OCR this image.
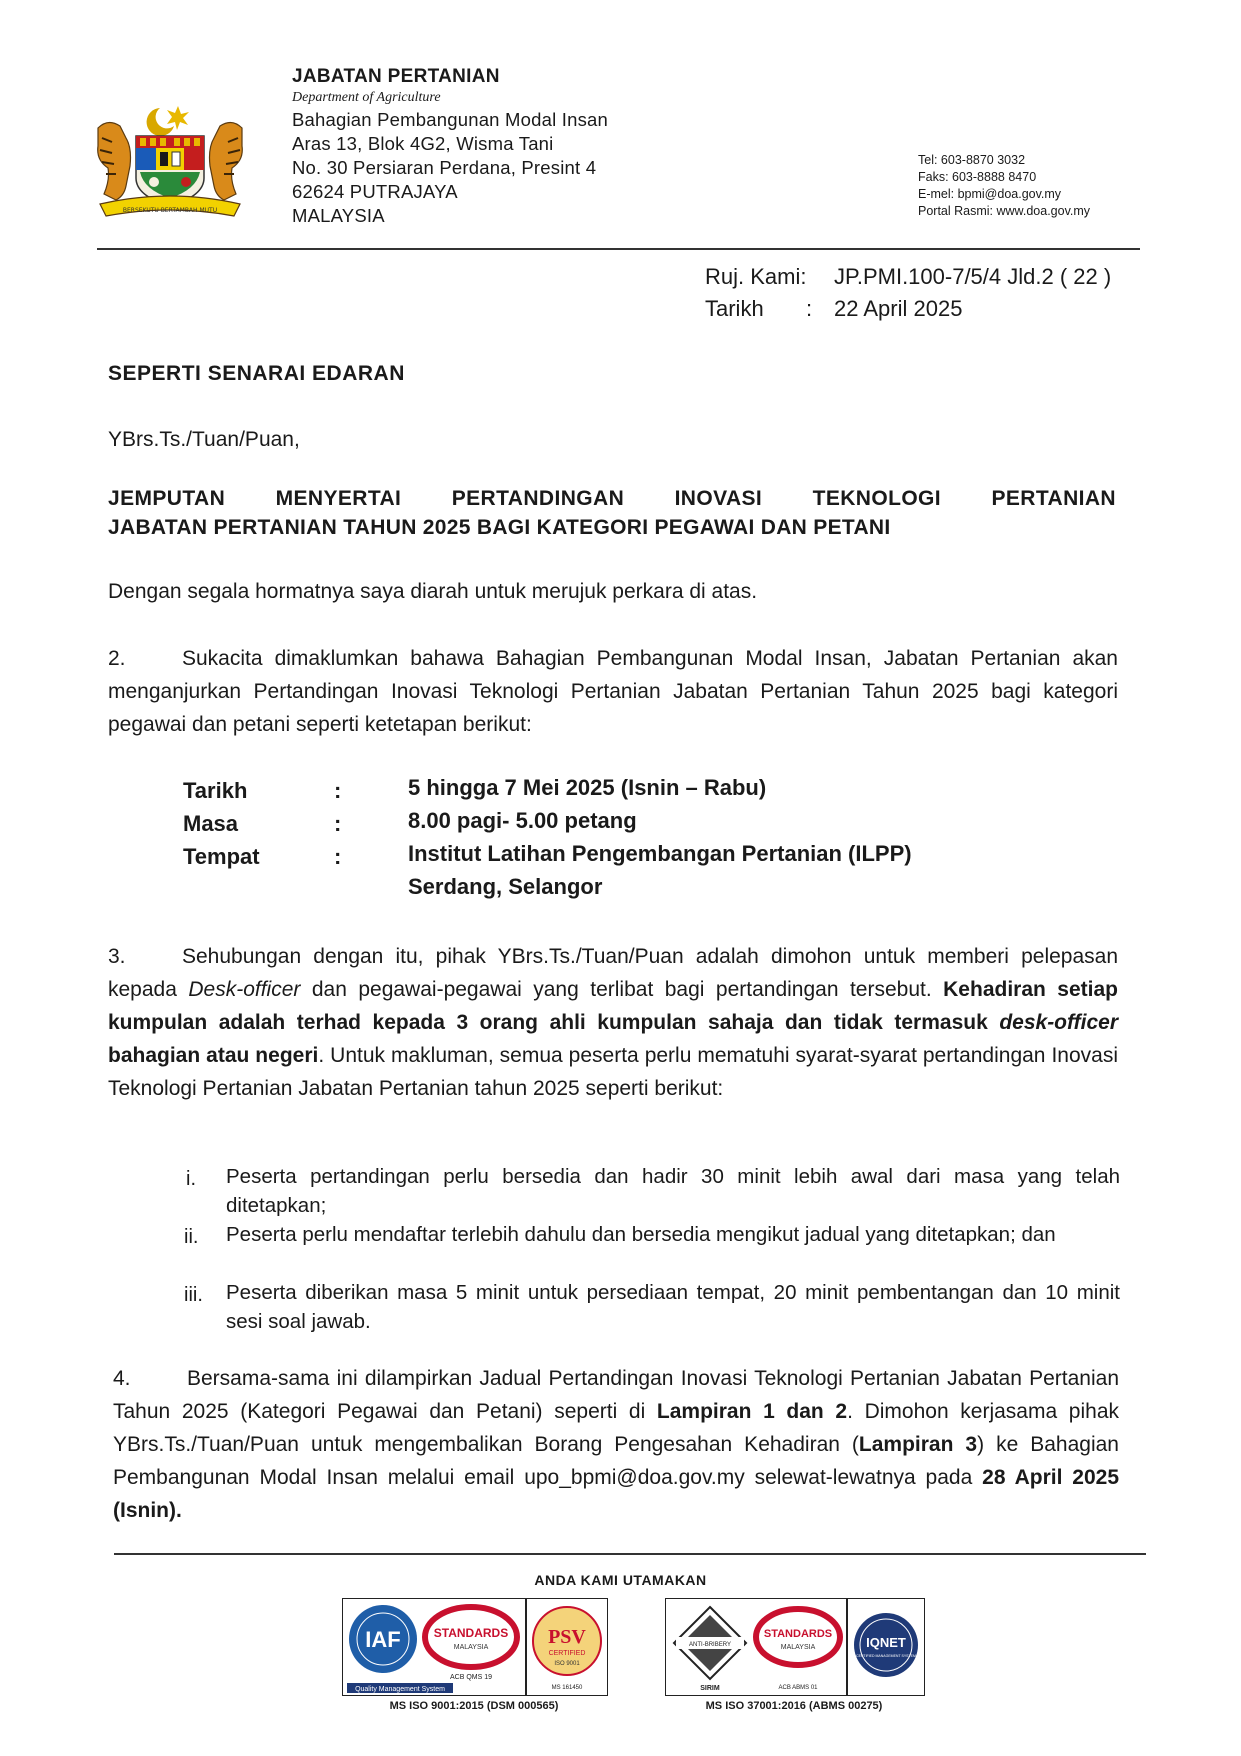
BERSEKUTU BERTAMBAH MUTU
JABATAN PERTANIAN
Department of Agriculture
Bahagian Pembangunan Modal Insan
Aras 13, Blok 4G2, Wisma Tani
No. 30 Persiaran Perdana, Presint 4
62624 PUTRAJAYA
MALAYSIA
Tel: 603-8870 3032
Faks: 603-8888 8470
E-mel: bpmi@doa.gov.my
Portal Rasmi: www.doa.gov.my
Ruj. Kami: JP.PMI.100-7/5/4 Jld.2 ( 22 )
Tarikh : 22 April 2025
SEPERTI SENARAI EDARAN
YBrs.Ts./Tuan/Puan,
JEMPUTAN MENYERTAI PERTANDINGAN INOVASI TEKNOLOGI PERTANIAN
JABATAN PERTANIAN TAHUN 2025 BAGI KATEGORI PEGAWAI DAN PETANI
Dengan segala hormatnya saya diarah untuk merujuk perkara di atas.
2.	Sukacita dimaklumkan bahawa Bahagian Pembangunan Modal Insan, Jabatan Pertanian akan menganjurkan Pertandingan Inovasi Teknologi Pertanian Jabatan Pertanian Tahun 2025 bagi kategori pegawai dan petani seperti ketetapan berikut:
Tarikh	:	5 hingga 7 Mei 2025 (Isnin – Rabu)
Masa	:	8.00 pagi- 5.00 petang
Tempat	:	Institut Latihan Pengembangan Pertanian (ILPP)
Serdang, Selangor
3.	Sehubungan dengan itu, pihak YBrs.Ts./Tuan/Puan adalah dimohon untuk memberi pelepasan kepada Desk-officer dan pegawai-pegawai yang terlibat bagi pertandingan tersebut. Kehadiran setiap kumpulan adalah terhad kepada 3 orang ahli kumpulan sahaja dan tidak termasuk desk-officer bahagian atau negeri. Untuk makluman, semua peserta perlu mematuhi syarat-syarat pertandingan Inovasi Teknologi Pertanian Jabatan Pertanian tahun 2025 seperti berikut:
i. Peserta pertandingan perlu bersedia dan hadir 30 minit lebih awal dari masa yang telah ditetapkan;
ii. Peserta perlu mendaftar terlebih dahulu dan bersedia mengikut jadual yang ditetapkan; dan
iii. Peserta diberikan masa 5 minit untuk persediaan tempat, 20 minit pembentangan dan 10 minit sesi soal jawab.
4.	Bersama-sama ini dilampirkan Jadual Pertandingan Inovasi Teknologi Pertanian Jabatan Pertanian Tahun 2025 (Kategori Pegawai dan Petani) seperti di Lampiran 1 dan 2. Dimohon kerjasama pihak YBrs.Ts./Tuan/Puan untuk mengembalikan Borang Pengesahan Kehadiran (Lampiran 3) ke Bahagian Pembangunan Modal Insan melalui email upo_bpmi@doa.gov.my selewat-lewatnya pada 28 April 2025 (Isnin).
ANDA KAMI UTAMAKAN
IAF	STANDARDS
MALAYSIA
ACB QMS 19
Quality Management System
PSV
CERTIFIED
ISO 9001
MS 161450
MS ISO 9001:2015 (DSM 000565)
ANTI-BRIBERY
SIRIM
STANDARDS
MALAYSIA
ACB ABMS 01
IQNET
CERTIFIED MANAGEMENT SYSTEM
MS ISO 37001:2016 (ABMS 00275)
